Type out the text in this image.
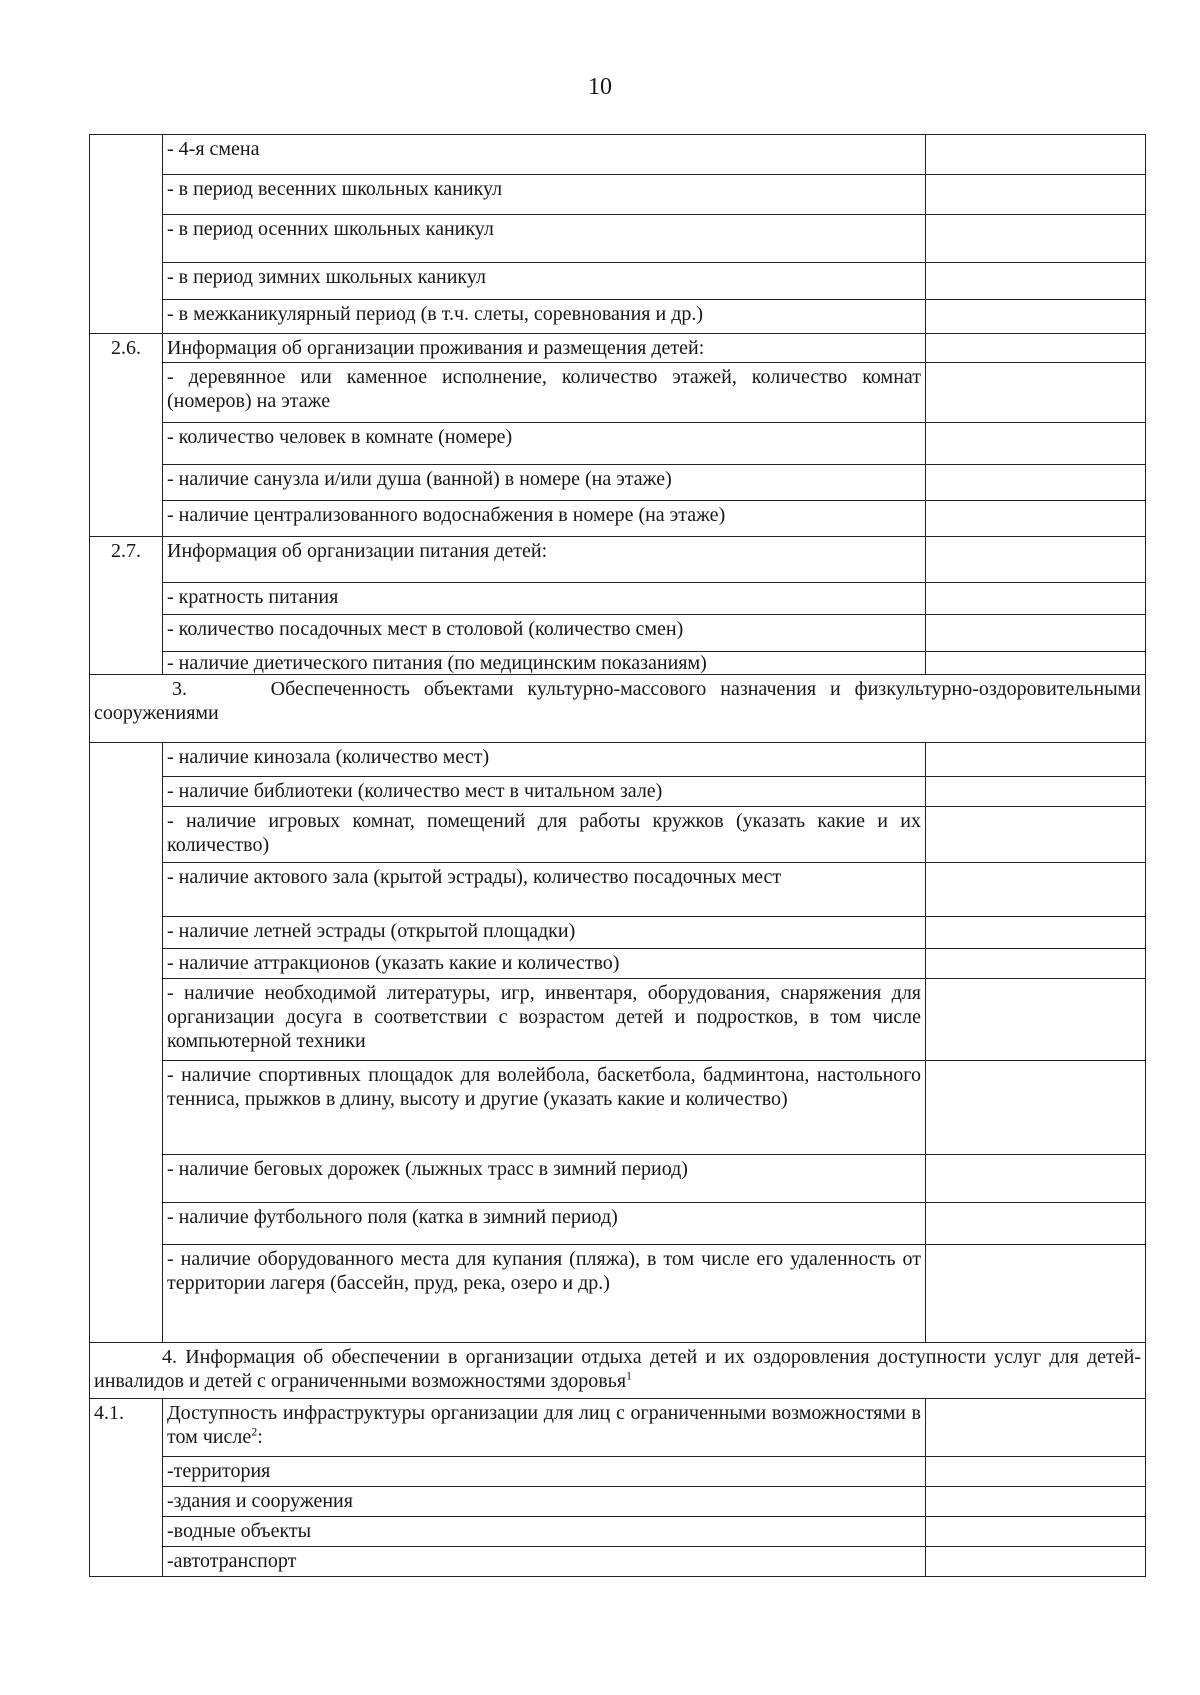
10
	- 4-я смена	
	- в период весенних школьных каникул	
	- в период осенних школьных каникул	
	- в период зимних школьных каникул	
	- в межканикулярный период (в т.ч. слеты, соревнования и др.)	
2.6.	Информация об организации проживания и размещения детей:	
	- деревянное или каменное исполнение, количество этажей, количество комнат (номеров) на этаже	
	- количество человек в комнате (номере)	
	- наличие санузла и/или душа (ванной) в номере (на этаже)	
	- наличие централизованного водоснабжения в номере (на этаже)	
2.7.	Информация об организации питания детей:	
	- кратность питания	
	- количество посадочных мест в столовой (количество смен)	
	- наличие диетического питания (по медицинским показаниям)	
3. Обеспеченность объектами культурно-массового назначения и физкультурно-оздоровительными сооружениями		
	- наличие кинозала (количество мест)	
	- наличие библиотеки (количество мест в читальном зале)	
	- наличие игровых комнат, помещений для работы кружков (указать какие и их количество)	
	- наличие актового зала (крытой эстрады), количество посадочных мест	
	- наличие летней эстрады (открытой площадки)	
	- наличие аттракционов (указать какие и количество)	
	- наличие необходимой литературы, игр, инвентаря, оборудования, снаряжения для организации досуга в соответствии с возрастом детей и подростков, в том числе компьютерной техники	
	- наличие спортивных площадок для волейбола, баскетбола, бадминтона, настольного тенниса, прыжков в длину, высоту и другие (указать какие и количество)	
	- наличие беговых дорожек (лыжных трасс в зимний период)	
	- наличие футбольного поля (катка в зимний период)	
	- наличие оборудованного места для купания (пляжа), в том числе его удаленность от территории лагеря (бассейн, пруд, река, озеро и др.)	
4. Информация об обеспечении в организации отдыха детей и их оздоровления доступности услуг для детей-инвалидов и детей с ограниченными возможностями здоровья$^1$
4.1.	Доступность инфраструктуры организации для лиц с ограниченными возможностями в том числе$^2$:	
	-территория	
	-здания и сооружения	
	-водные объекты	
	-автотранспорт	
